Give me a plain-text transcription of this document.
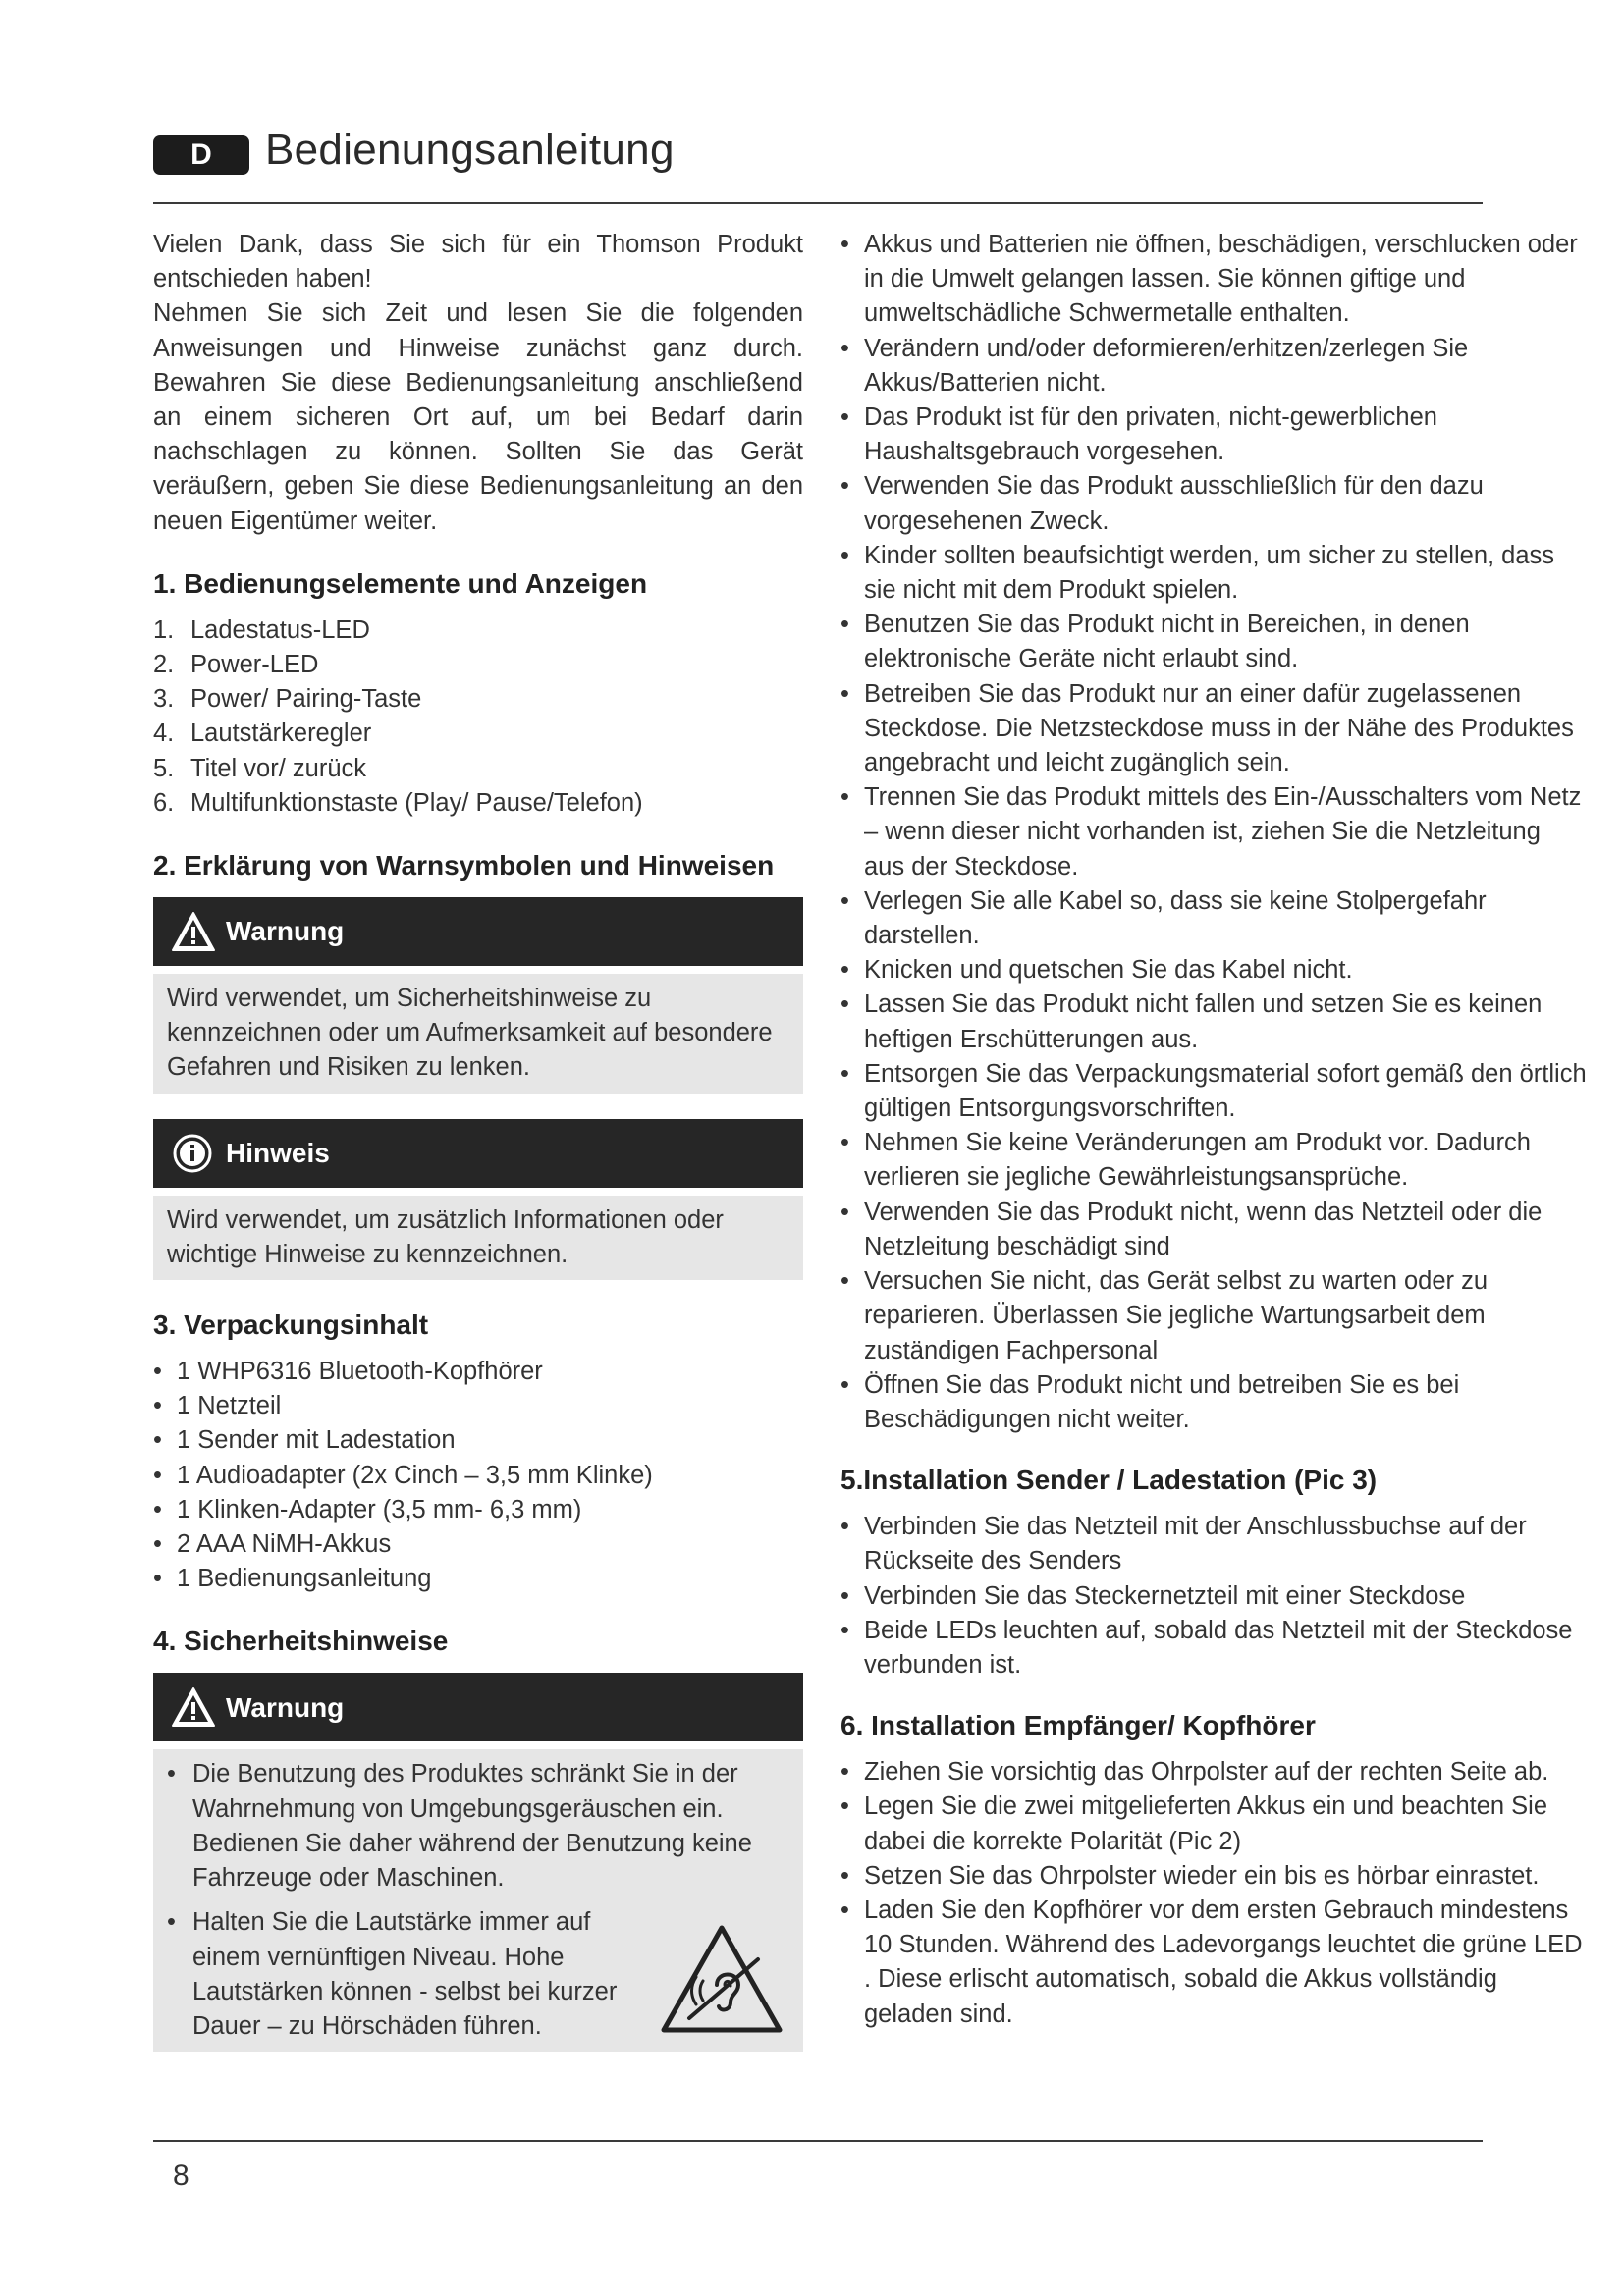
D	Bedienungsanleitung

Vielen Dank, dass Sie sich für ein Thomson Produkt entschieden haben!

Nehmen Sie sich Zeit und lesen Sie die folgenden Anweisungen und Hinweise zunächst ganz durch. Bewahren Sie diese Bedienungsanleitung anschließend an einem sicheren Ort auf, um bei Bedarf darin nachschlagen zu können. Sollten Sie das Gerät veräußern, geben Sie diese Bedienungsanleitung an den neuen Eigentümer weiter.

1. Bedienungselemente und Anzeigen
1. Ladestatus-LED
2. Power-LED
3. Power/ Pairing-Taste
4. Lautstärkeregler
5. Titel vor/ zurück
6. Multifunktionstaste (Play/ Pause/Telefon)
2. Erklärung von Warnsymbolen und Hinweisen
Warnung
Wird verwendet, um Sicherheitshinweise zu kennzeichnen oder um Aufmerksamkeit auf besondere Gefahren und Risiken zu lenken.
Hinweis
Wird verwendet, um zusätzlich Informationen oder wichtige Hinweise zu kennzeichnen.
3. Verpackungsinhalt
• 1 WHP6316 Bluetooth-Kopfhörer
• 1 Netzteil
• 1 Sender mit Ladestation
• 1 Audioadapter (2x Cinch – 3,5 mm Klinke)
• 1 Klinken-Adapter (3,5 mm- 6,3 mm)
• 2 AAA NiMH-Akkus
• 1 Bedienungsanleitung
4. Sicherheitshinweise
Warnung
• Die Benutzung des Produktes schränkt Sie in der Wahrnehmung von Umgebungsgeräuschen ein. Bedienen Sie daher während der Benutzung keine Fahrzeuge oder Maschinen.
• Halten Sie die Lautstärke immer auf einem vernünftigen Niveau. Hohe Lautstärken können - selbst bei kurzer Dauer – zu Hörschäden führen.
• Akkus und Batterien nie öffnen, beschädigen, verschlucken oder in die Umwelt gelangen lassen. Sie können giftige und umweltschädliche Schwermetalle enthalten.
• Verändern und/oder deformieren/erhitzen/zerlegen Sie Akkus/Batterien nicht.
• Das Produkt ist für den privaten, nicht-gewerblichen Haushaltsgebrauch vorgesehen.
• Verwenden Sie das Produkt ausschließlich für den dazu vorgesehenen Zweck.
• Kinder sollten beaufsichtigt werden, um sicher zu stellen, dass sie nicht mit dem Produkt spielen.
• Benutzen Sie das Produkt nicht in Bereichen, in denen elektronische Geräte nicht erlaubt sind.
• Betreiben Sie das Produkt nur an einer dafür zugelassenen Steckdose. Die Netzsteckdose muss in der Nähe des Produktes angebracht und leicht zugänglich sein.
• Trennen Sie das Produkt mittels des Ein-/Ausschalters vom Netz – wenn dieser nicht vorhanden ist, ziehen Sie die Netzleitung aus der Steckdose.
• Verlegen Sie alle Kabel so, dass sie keine Stolpergefahr darstellen.
• Knicken und quetschen Sie das Kabel nicht.
• Lassen Sie das Produkt nicht fallen und setzen Sie es keinen heftigen Erschütterungen aus.
• Entsorgen Sie das Verpackungsmaterial sofort gemäß den örtlich gültigen Entsorgungsvorschriften.
• Nehmen Sie keine Veränderungen am Produkt vor. Dadurch verlieren sie jegliche Gewährleistungsansprüche.
• Verwenden Sie das Produkt nicht, wenn das Netzteil oder die Netzleitung beschädigt sind
• Versuchen Sie nicht, das Gerät selbst zu warten oder zu reparieren. Überlassen Sie jegliche Wartungsarbeit dem zuständigen Fachpersonal
• Öffnen Sie das Produkt nicht und betreiben Sie es bei Beschädigungen nicht weiter.
5.Installation Sender / Ladestation (Pic 3)
• Verbinden Sie das Netzteil mit der Anschlussbuchse auf der Rückseite des Senders
• Verbinden Sie das Steckernetzteil mit einer Steckdose
• Beide LEDs leuchten auf, sobald das Netzteil mit der Steckdose verbunden ist.
6. Installation Empfänger/ Kopfhörer
• Ziehen Sie vorsichtig das Ohrpolster auf der rechten Seite ab.
• Legen Sie die zwei mitgelieferten Akkus ein und beachten Sie dabei die korrekte Polarität (Pic 2)
• Setzen Sie das Ohrpolster wieder ein bis es hörbar einrastet.
• Laden Sie den Kopfhörer vor dem ersten Gebrauch mindestens 10 Stunden. Während des Ladevorgangs leuchtet die grüne LED . Diese erlischt automatisch, sobald die Akkus vollständig geladen sind.
8
